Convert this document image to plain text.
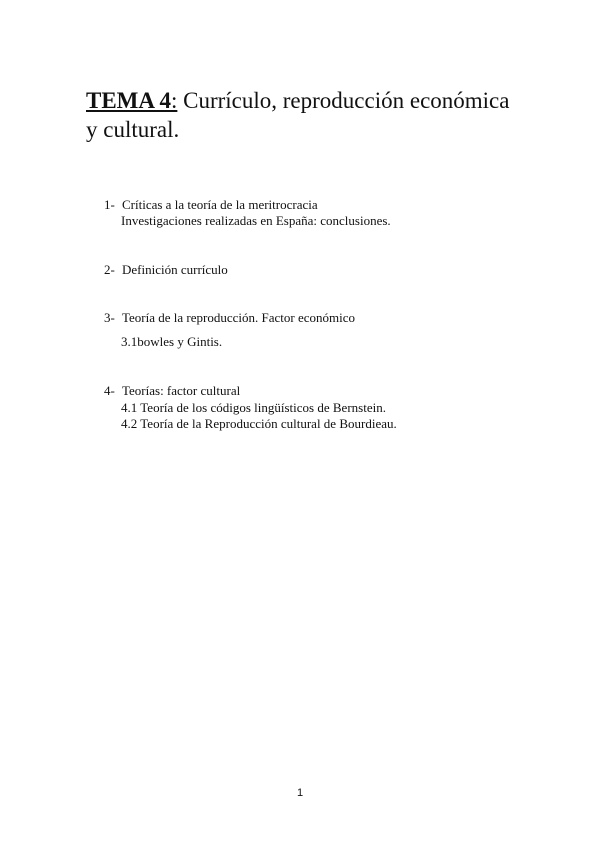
TEMA 4: Currículo, reproducción económica y cultural.
1- Críticas a la teoría de la meritrocracia
Investigaciones realizadas en España: conclusiones.
2- Definición currículo
3- Teoría de la reproducción. Factor económico
3.1bowles y Gintis.
4- Teorías: factor cultural
4.1 Teoría de los códigos lingüísticos de Bernstein.
4.2 Teoría de la Reproducción cultural de Bourdieau.
1
